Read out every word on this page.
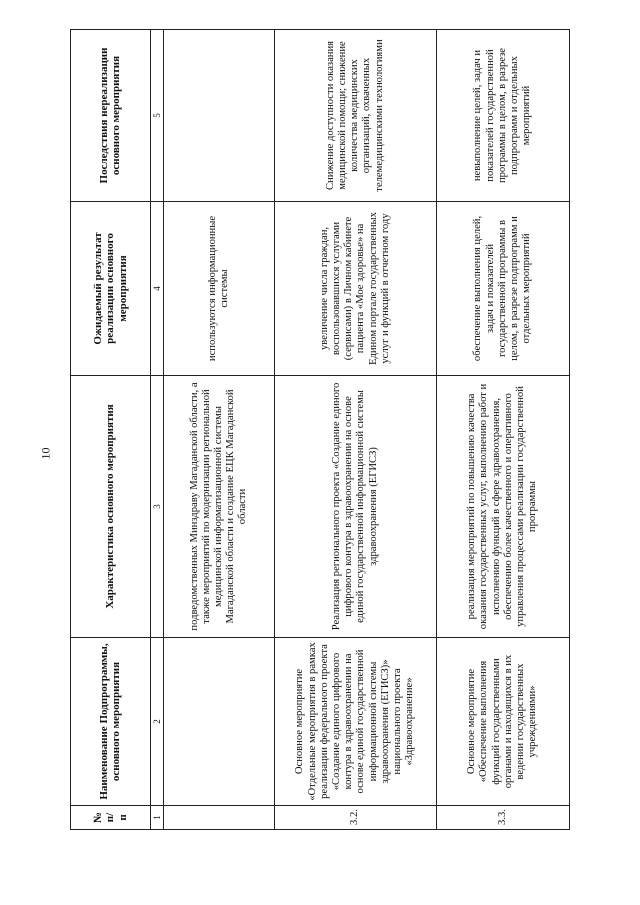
10
№ п/п	Наименование Подпрограммы, основного мероприятия	Характеристика основного мероприятия	Ожидаемый результат реализации основного мероприятия	Последствия нереализации основного мероприятия
1	2	3	4	5
		подведомственных Минздраву Магаданской области, а также мероприятий по модернизации региональной медицинской информатизационной системы Магаданской области и создание ЕЦК Магаданской области	используются информационные системы	
3.2.	Основное мероприятие «Отдельные мероприятия в рамках реализации федерального проекта «Создание единого цифрового контура в здравоохранении на основе единой государственной информационной системы здравоохранения (ЕГИСЗ)» национального проекта «Здравоохранение»	Реализация регионального проекта «Создание единого цифрового контура в здравоохранении на основе единой государственной информационной системы здравоохранения (ЕГИСЗ)	увеличение числа граждан, воспользовавшихся услугами (сервисами) в Личном кабинете пациента «Мое здоровье» на Едином портале государственных услуг и функций в отчетном году	Снижение доступности оказания медицинской помощи; снижение количества медицинских организаций, охваченных телемедицинскими технологиями
3.3.	Основное мероприятие «Обеспечение выполнения функций государственными органами и находящихся в их ведении государственных учреждениями»	реализация мероприятий по повышению качества оказания государственных услуг, выполнению работ и исполнению функций в сфере здравоохранения, обеспечению более качественного и оперативного управления процессами реализации государственной программы	обеспечение выполнения целей, задач и показателей государственной программы в целом, в разрезе подпрограмм и отдельных мероприятий	невыполнение целей, задач и показателей государственной программы в целом, в разрезе подпрограмм и отдельных мероприятий
